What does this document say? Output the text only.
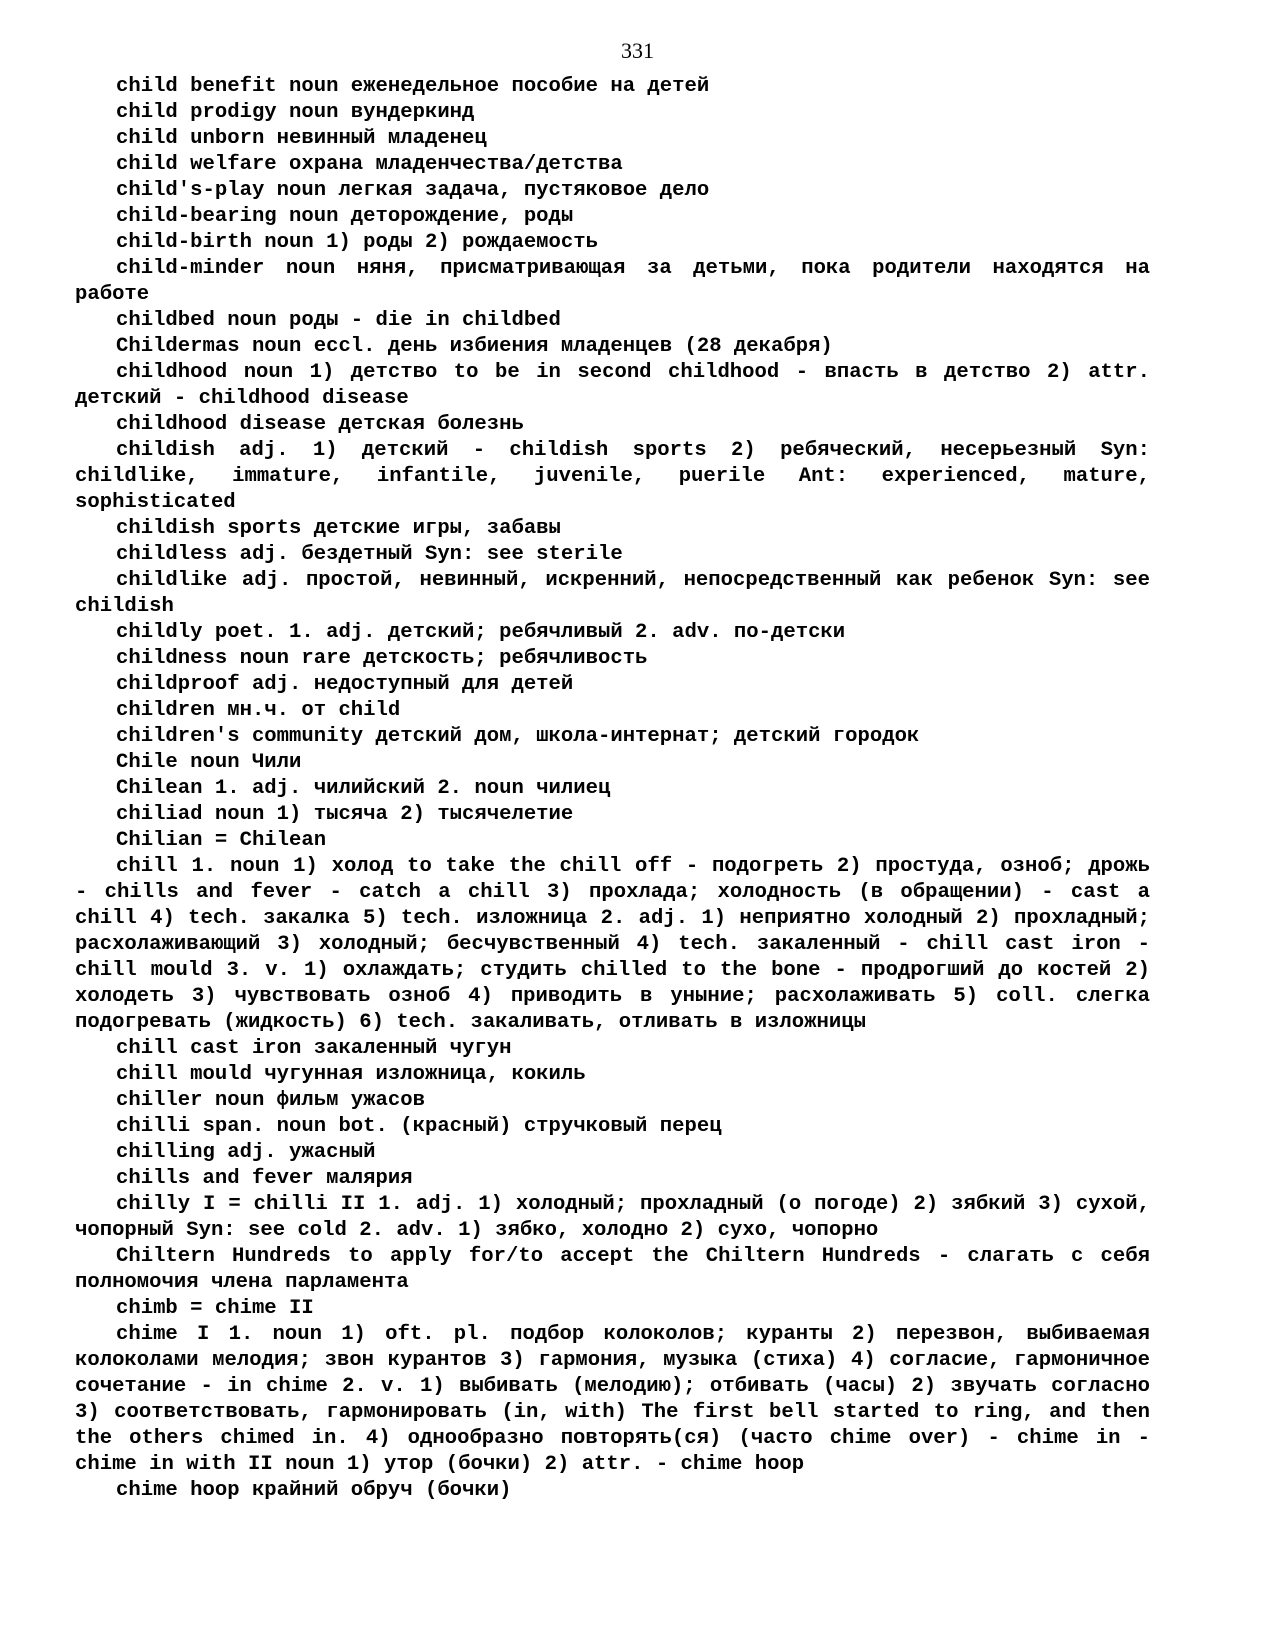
331
child benefit noun еженедельное пособие на детей
child prodigy noun вундеркинд
child unborn невинный младенец
child welfare охрана младенчества/детства
child's-play noun легкая задача, пустяковое дело
child-bearing noun деторождение, роды
child-birth noun 1) роды 2) рождаемость
child-minder noun няня, присматривающая за детьми, пока родители находятся на работе
childbed noun роды - die in childbed
Childermas noun eccl. день избиения младенцев (28 декабря)
childhood noun 1) детство to be in second childhood - впасть в детство 2) attr. детский - childhood disease
childhood disease детская болезнь
childish adj. 1) детский - childish sports 2) ребяческий, несерьезный Syn: childlike, immature, infantile, juvenile, puerile Ant: experienced, mature, sophisticated
childish sports детские игры, забавы
childless adj. бездетный Syn: see sterile
childlike adj. простой, невинный, искренний, непосредственный как ребенок Syn: see childish
childly poet. 1. adj. детский; ребячливый 2. adv. по-детски
childness noun rare детскость; ребячливость
childproof adj. недоступный для детей
children мн.ч. от child
children's community детский дом, школа-интернат; детский городок
Chile noun Чили
Chilean 1. adj. чилийский 2. noun чилиец
chiliad noun 1) тысяча 2) тысячелетие
Chilian = Chilean
chill 1. noun 1) холод to take the chill off - подогреть 2) простуда, озноб; дрожь - chills and fever - catch a chill 3) прохлада; холодность (в обращении) - cast a chill 4) tech. закалка 5) tech. изложница 2. adj. 1) неприятно холодный 2) прохладный; расхолаживающий 3) холодный; бесчувственный 4) tech. закаленный - chill cast iron - chill mould 3. v. 1) охлаждать; студить chilled to the bone - продрогший до костей 2) холодеть 3) чувствовать озноб 4) приводить в уныние; расхолаживать 5) coll. слегка подогревать (жидкость) 6) tech. закаливать, отливать в изложницы
chill cast iron закаленный чугун
chill mould чугунная изложница, кокиль
chiller noun фильм ужасов
chilli span. noun bot. (красный) стручковый перец
chilling adj. ужасный
chills and fever малярия
chilly I = chilli II 1. adj. 1) холодный; прохладный (о погоде) 2) зябкий 3) сухой, чопорный Syn: see cold 2. adv. 1) зябко, холодно 2) сухо, чопорно
Chiltern Hundreds to apply for/to accept the Chiltern Hundreds - слагать с себя полномочия члена парламента
chimb = chime II
chime I 1. noun 1) oft. pl. подбор колоколов; куранты 2) перезвон, выбиваемая колоколами мелодия; звон курантов 3) гармония, музыка (стиха) 4) согласие, гармоничное сочетание - in chime 2. v. 1) выбивать (мелодию); отбивать (часы) 2) звучать согласно 3) соответствовать, гармонировать (in, with) The first bell started to ring, and then the others chimed in. 4) однообразно повторять(ся) (часто chime over) - chime in - chime in with II noun 1) утор (бочки) 2) attr. - chime hoop
chime hoop крайний обруч (бочки)
